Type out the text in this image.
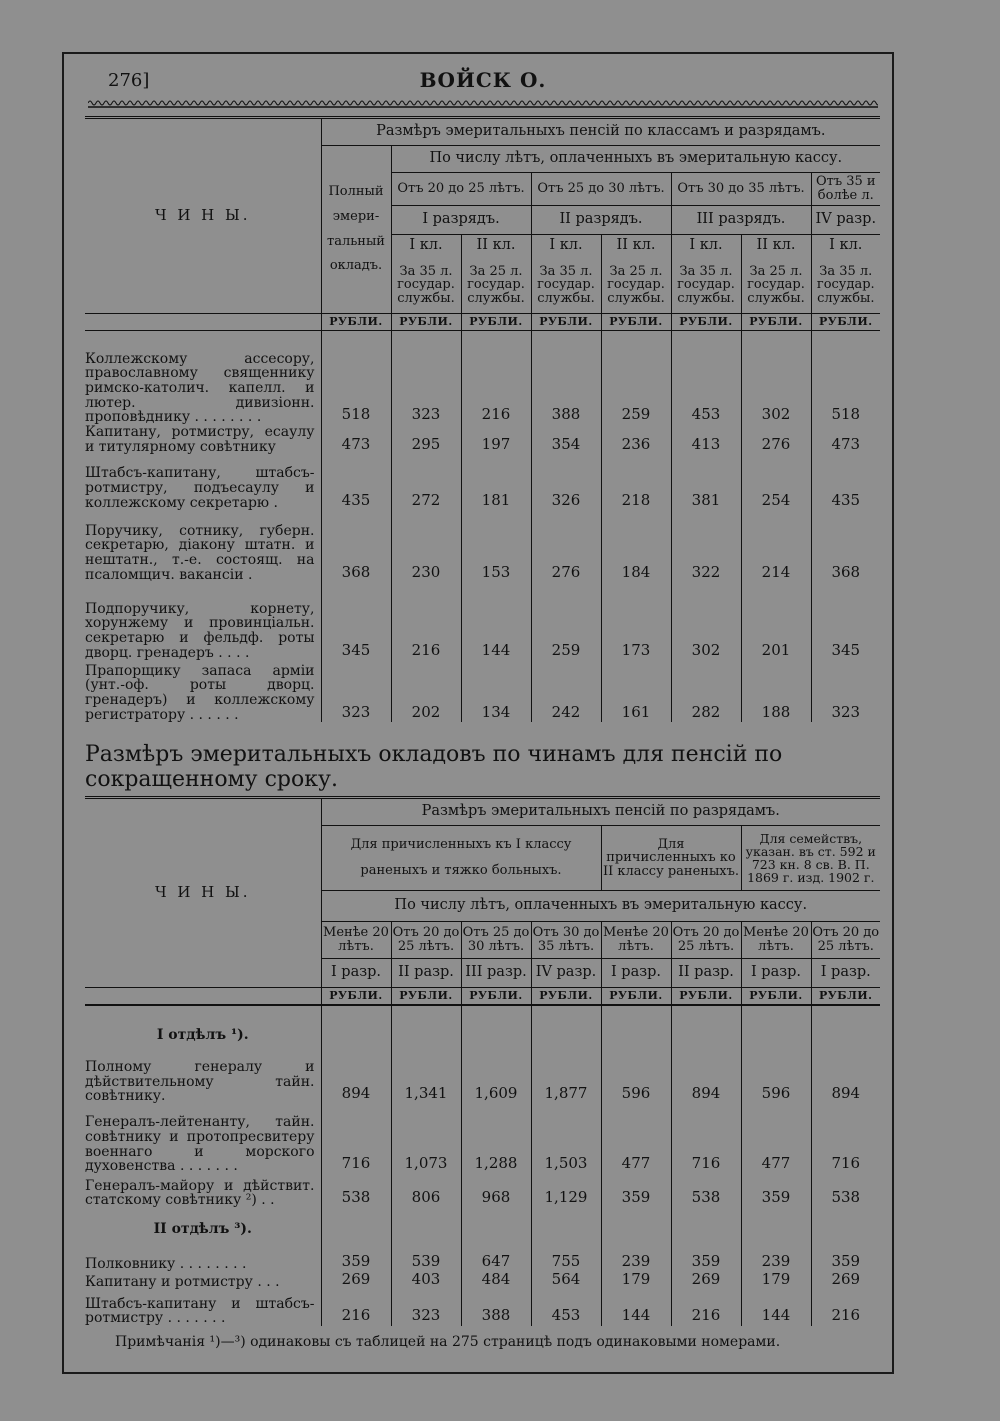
276]	ВОЙСК О.
Ч И Н Ы.	Размѣръ эмеритальныхъ пенсій по классамъ и разрядамъ.							
	Полный эмери-тальный окладъ.	По числу лѣтъ, оплаченныхъ въ эмеритальную кассу.						
		Отъ 20 до 25 лѣтъ.		Отъ 25 до 30 лѣтъ.		Отъ 30 до 35 лѣтъ.		Отъ 35 и болѣе л.
		I разрядъ.		II разрядъ.		III разрядъ.		IV разр.
		I кл.	II кл.	I кл.	II кл.	I кл.	II кл.	I кл.
		За 35 л. государ. службы.	За 25 л. государ. службы.	За 35 л. государ. службы.	За 25 л. государ. службы.	За 35 л. государ. службы.	За 25 л. государ. службы.	За 35 л. государ. службы.
	РУБЛИ.	РУБЛИ.	РУБЛИ.	РУБЛИ.	РУБЛИ.	РУБЛИ.	РУБЛИ.	РУБЛИ.

Коллежскому ассесору, православному священнику римско-католич. капелл. и лютер. дивизіонн. проповѣднику . . . . . . . .	518	323	216	388	259	453	302	518
Капитану, ротмистру, есаулу и титулярному совѣтнику	473	295	197	354	236	413	276	473
Штабсъ-капитану, штабсъ-ротмистру, подъесаулу и коллежскому секретарю .	435	272	181	326	218	381	254	435
Поручику, сотнику, губерн. секретарю, діакону штатн. и нештатн., т.-е. состоящ. на псаломщич. вакансіи .	368	230	153	276	184	322	214	368
Подпоручику, корнету, хорунжему и провинціальн. секретарю и фельдф. роты дворц. гренадеръ . . . .	345	216	144	259	173	302	201	345
Прапорщику запаса арміи (унт.-оф. роты дворц. гренадеръ) и коллежскому регистратору . . . . . .	323	202	134	242	161	282	188	323
Размѣръ эмеритальныхъ окладовъ по чинамъ для пенсій по сокращенному сроку.
Ч И Н Ы.	Размѣръ эмеритальныхъ пенсій по разрядамъ.							
	Для причисленныхъ къ I классу раненыхъ и тяжко больныхъ.				Для причисленныхъ ко II классу раненыхъ.		Для семействъ, указан. въ ст. 592 и 723 кн. 8 св. В. П. 1869 г. изд. 1902 г.	
	По числу лѣтъ, оплаченныхъ въ эмеритальную кассу.							
	Менѣе 20 лѣтъ.	Отъ 20 до 25 лѣтъ.	Отъ 25 до 30 лѣтъ.	Отъ 30 до 35 лѣтъ.	Менѣе 20 лѣтъ.	Отъ 20 до 25 лѣтъ.	Менѣе 20 лѣтъ.	Отъ 20 до 25 лѣтъ.
	I разр.	II разр.	III разр.	IV разр.	I разр.	II разр.	I разр.	I разр.
	РУБЛИ.	РУБЛИ.	РУБЛИ.	РУБЛИ.	РУБЛИ.	РУБЛИ.	РУБЛИ.	РУБЛИ.

I отдѣлъ ¹).								
Полному генералу и дѣйствительному тайн. совѣтнику.	894	1,341	1,609	1,877	596	894	596	894
Генералъ-лейтенанту, тайн. совѣтнику и протопресвитеру военнаго и морского духовенства . . . . . . .	716	1,073	1,288	1,503	477	716	477	716
Генералъ-майору и дѣйствит. статскому совѣтнику ²) . .	538	806	968	1,129	359	538	359	538
II отдѣлъ ³).								
Полковнику . . . . . . . .	359	539	647	755	239	359	239	359
Капитану и ротмистру . . .	269	403	484	564	179	269	179	269
Штабсъ-капитану и штабсъ-ротмистру . . . . . . .	216	323	388	453	144	216	144	216
Примѣчанія ¹)—³) одинаковы съ таблицей на 275 страницѣ подъ одинаковыми номерами.
